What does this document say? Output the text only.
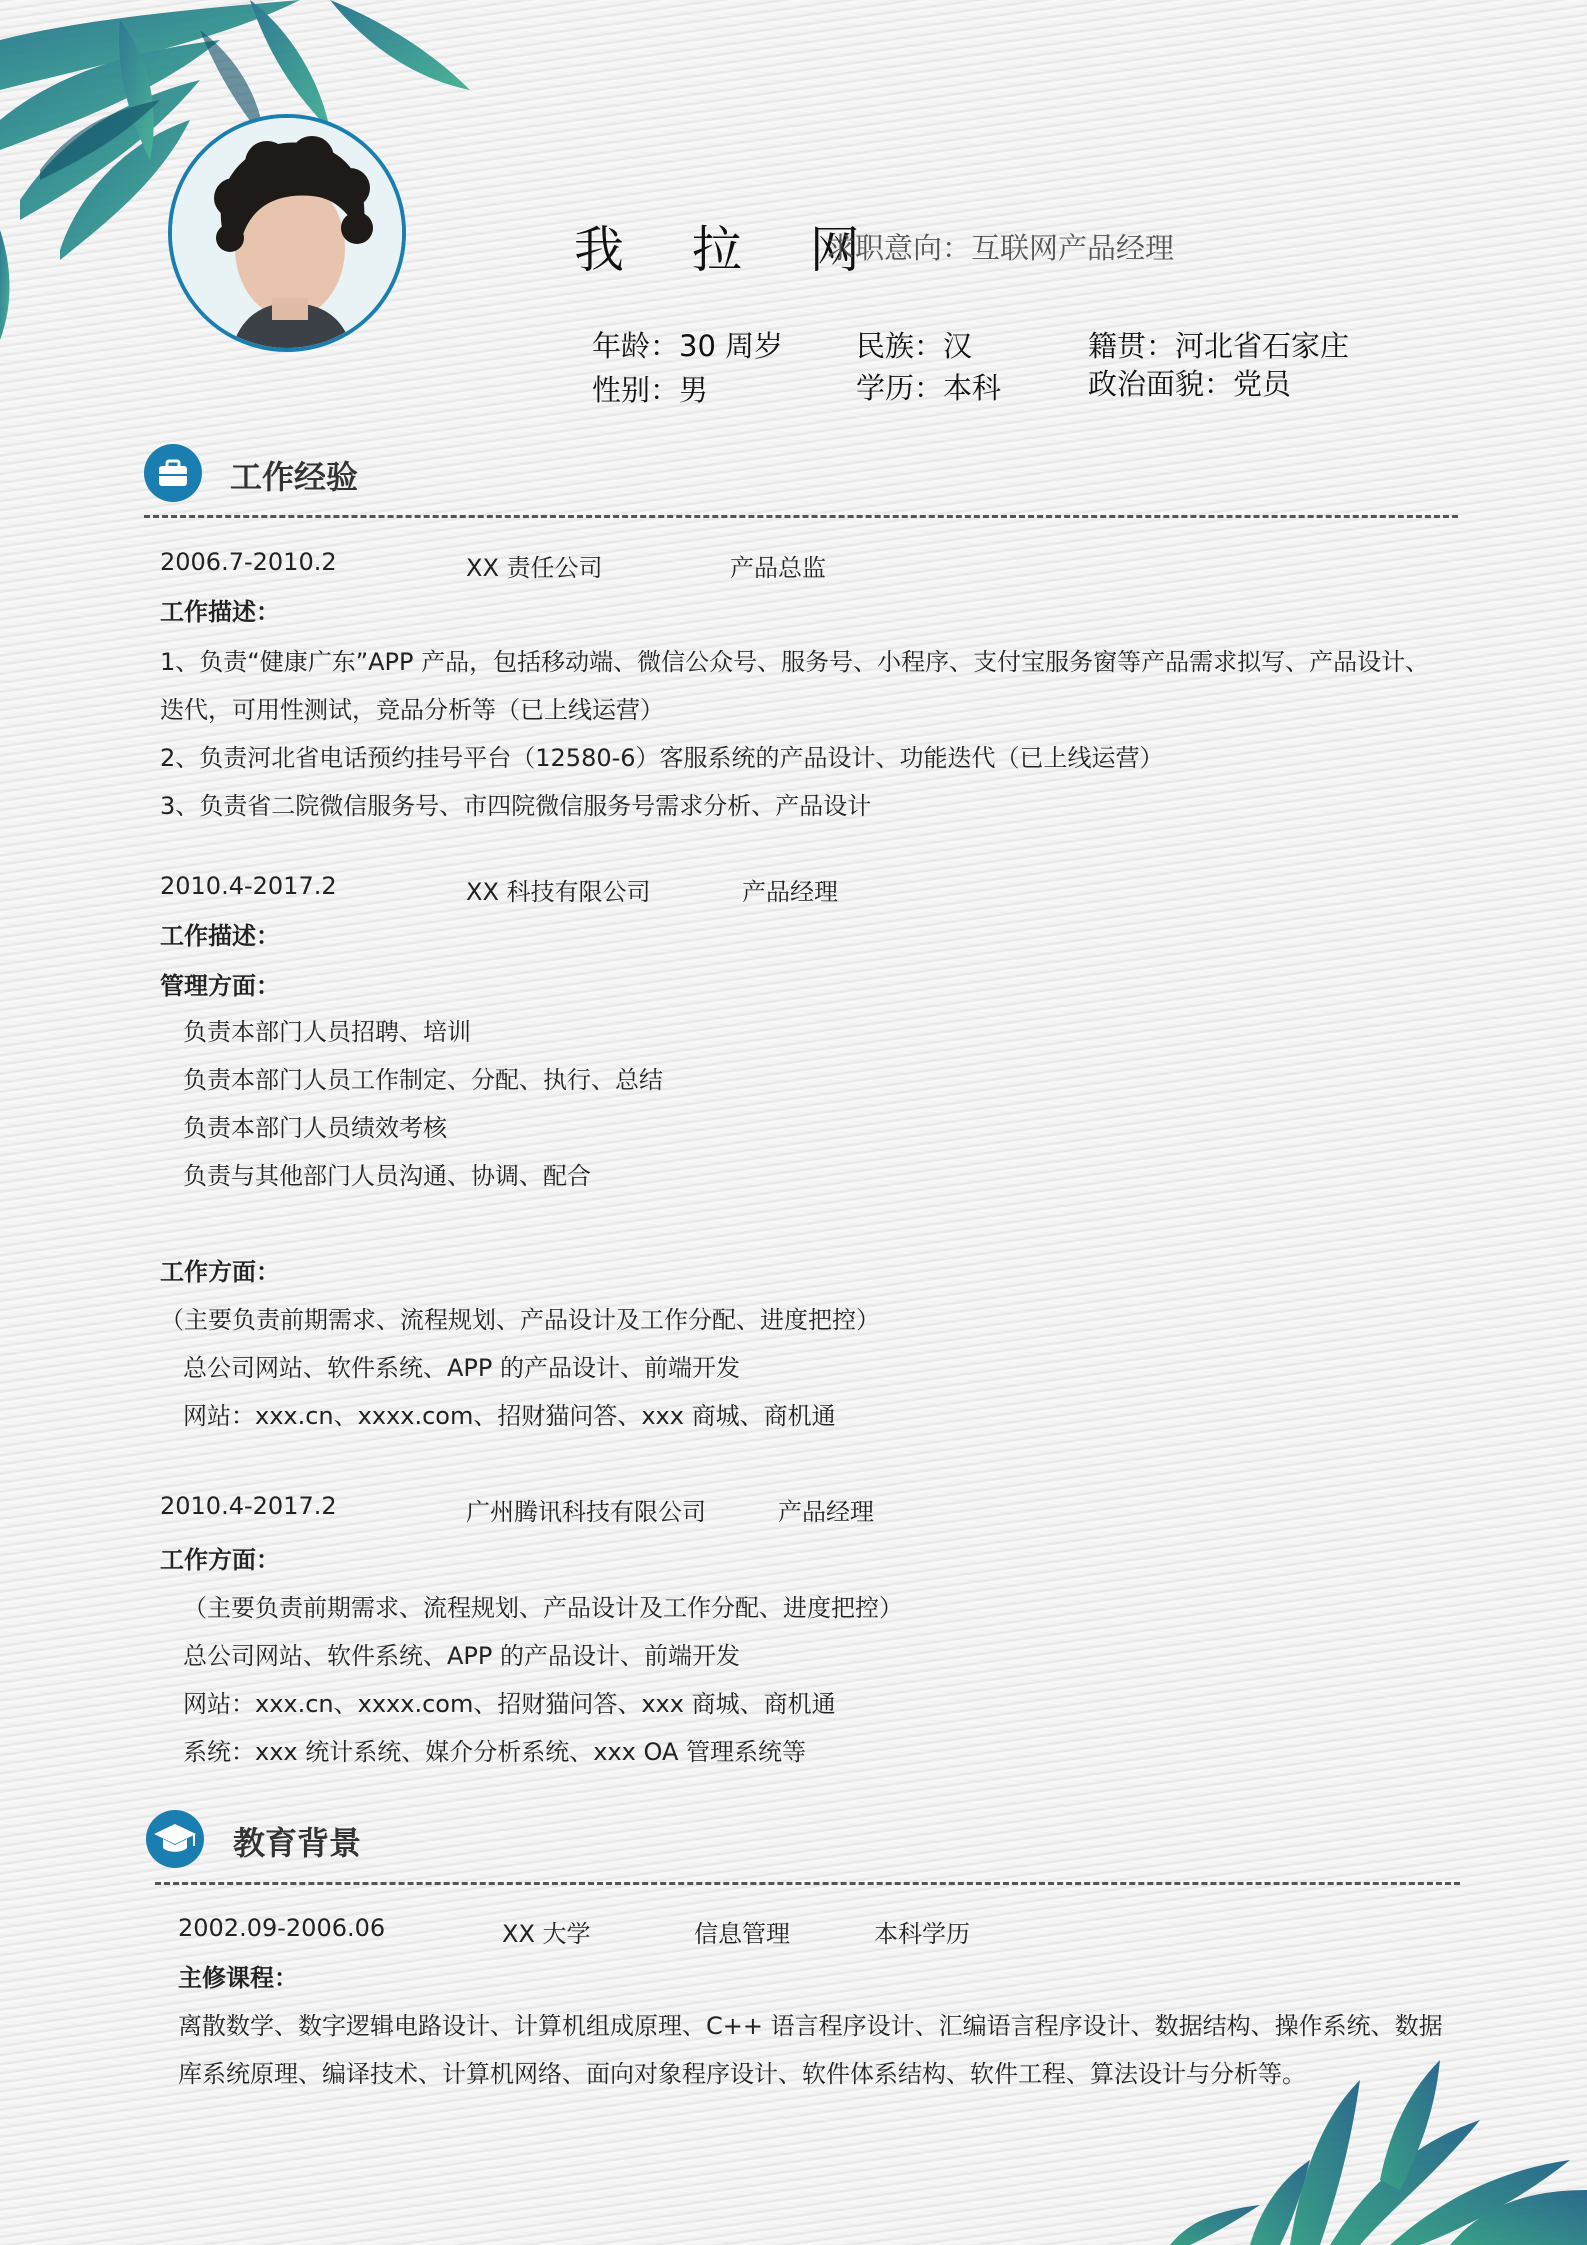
我 拉 网
求职意向：互联网产品经理
年龄：30 周岁	民族：汉	籍贯：河北省石家庄
性别：男	学历：本科	政治面貌：党员
工作经验
2006.7-2010.2	XX 责任公司	产品总监
工作描述：
1、负责“健康广东”APP 产品，包括移动端、微信公众号、服务号、小程序、支付宝服务窗等产品需求拟写、产品设计、
迭代，可用性测试，竞品分析等（已上线运营）
2、负责河北省电话预约挂号平台（12580-6）客服系统的产品设计、功能迭代（已上线运营）
3、负责省二院微信服务号、市四院微信服务号需求分析、产品设计
2010.4-2017.2	XX 科技有限公司	产品经理
工作描述：
管理方面：
负责本部门人员招聘、培训
负责本部门人员工作制定、分配、执行、总结
负责本部门人员绩效考核
负责与其他部门人员沟通、协调、配合
工作方面：
（主要负责前期需求、流程规划、产品设计及工作分配、进度把控）
总公司网站、软件系统、APP 的产品设计、前端开发
网站：xxx.cn、xxxx.com、招财猫问答、xxx 商城、商机通
2010.4-2017.2	广州腾讯科技有限公司	产品经理
工作方面：
（主要负责前期需求、流程规划、产品设计及工作分配、进度把控）
总公司网站、软件系统、APP 的产品设计、前端开发
网站：xxx.cn、xxxx.com、招财猫问答、xxx 商城、商机通
系统：xxx 统计系统、媒介分析系统、xxx OA 管理系统等
教育背景
2002.09-2006.06	XX 大学	信息管理	本科学历
主修课程：
离散数学、数字逻辑电路设计、计算机组成原理、C++ 语言程序设计、汇编语言程序设计、数据结构、操作系统、数据
库系统原理、编译技术、计算机网络、面向对象程序设计、软件体系结构、软件工程、算法设计与分析等。
